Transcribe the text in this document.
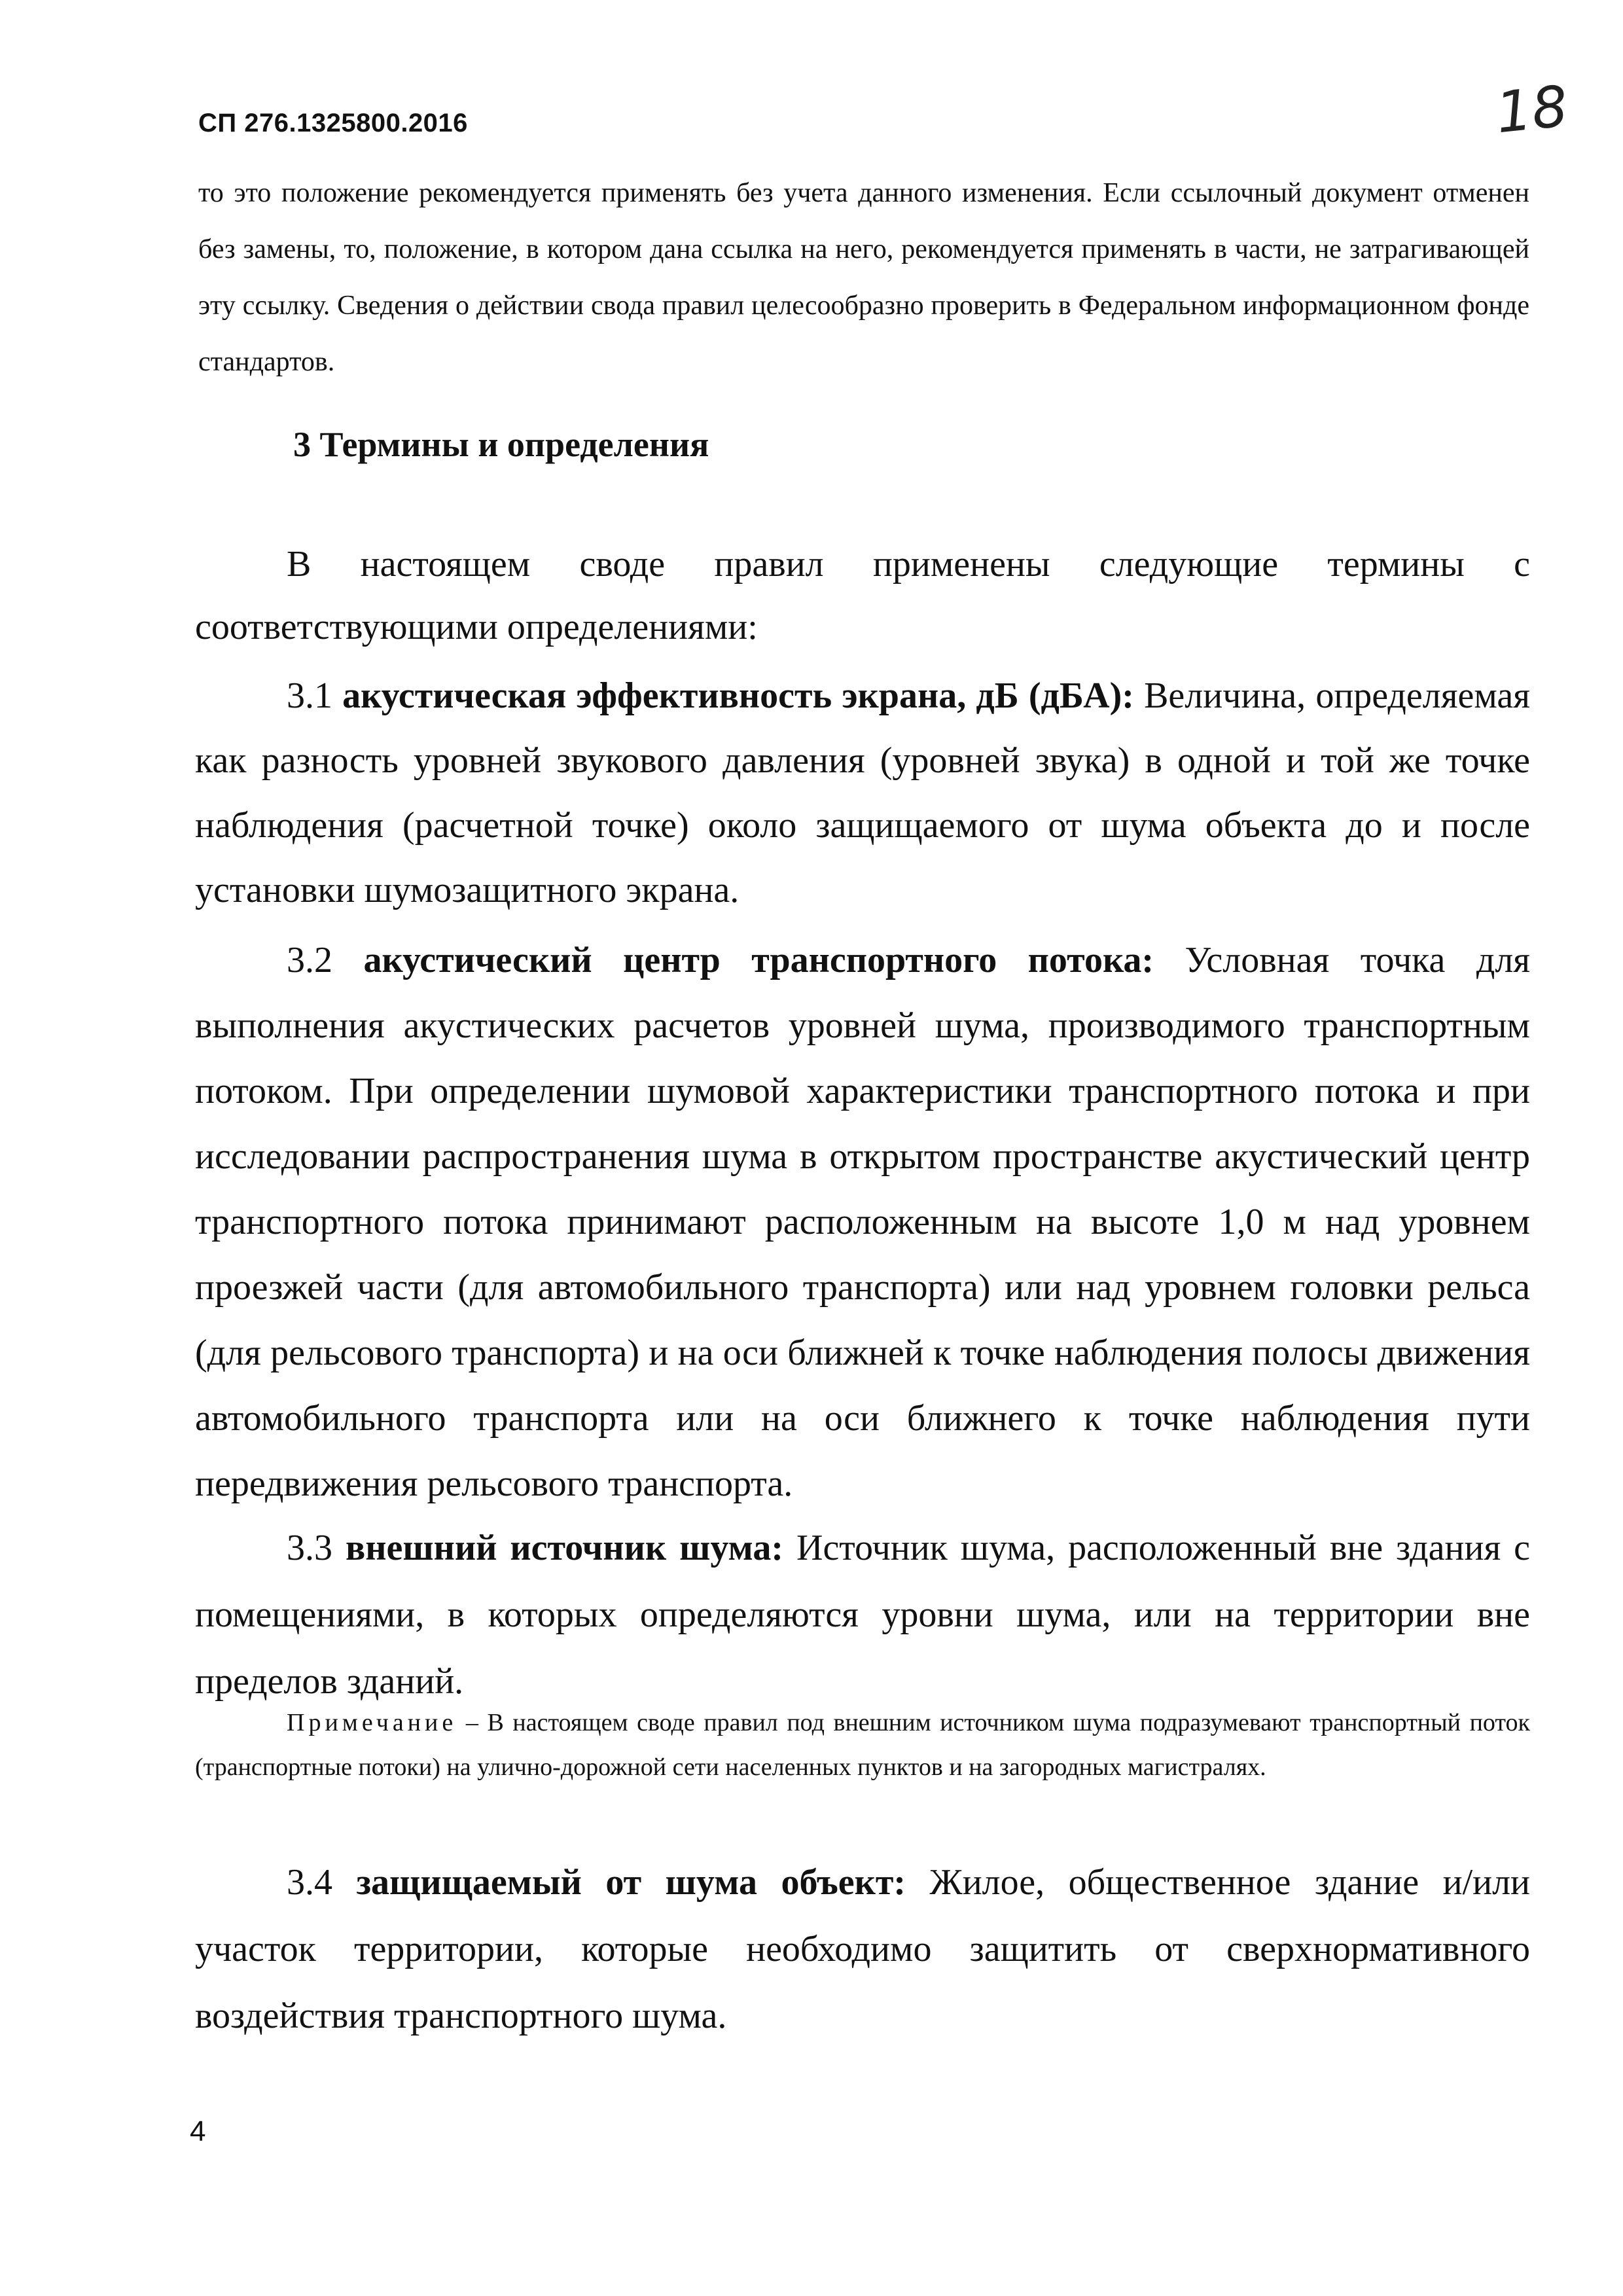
СП 276.1325800.2016	18

то это положение рекомендуется применять без учета данного изменения. Если ссылочный документ отменен без замены, то, положение, в котором дана ссылка на него, рекомендуется применять в части, не затрагивающей эту ссылку. Сведения о действии свода правил целесообразно проверить в Федеральном информационном фонде стандартов.

3 Термины и определения

В настоящем своде правил применены следующие термины с соответствующими определениями:

3.1 акустическая эффективность экрана, дБ (дБА): Величина, определяемая как разность уровней звукового давления (уровней звука) в одной и той же точке наблюдения (расчетной точке) около защищаемого от шума объекта до и после установки шумозащитного экрана.

3.2 акустический центр транспортного потока: Условная точка для выполнения акустических расчетов уровней шума, производимого транспортным потоком. При определении шумовой характеристики транспортного потока и при исследовании распространения шума в открытом пространстве акустический центр транспортного потока принимают расположенным на высоте 1,0 м над уровнем проезжей части (для автомобильного транспорта) или над уровнем головки рельса (для рельсового транспорта) и на оси ближней к точке наблюдения полосы движения автомобильного транспорта или на оси ближнего к точке наблюдения пути передвижения рельсового транспорта.

3.3 внешний источник шума: Источник шума, расположенный вне здания с помещениями, в которых определяются уровни шума, или на территории вне пределов зданий.

Примечание – В настоящем своде правил под внешним источником шума подразумевают транспортный поток (транспортные потоки) на улично-дорожной сети населенных пунктов и на загородных магистралях.

3.4 защищаемый от шума объект: Жилое, общественное здание и/или участок территории, которые необходимо защитить от сверхнормативного воздействия транспортного шума.

4
